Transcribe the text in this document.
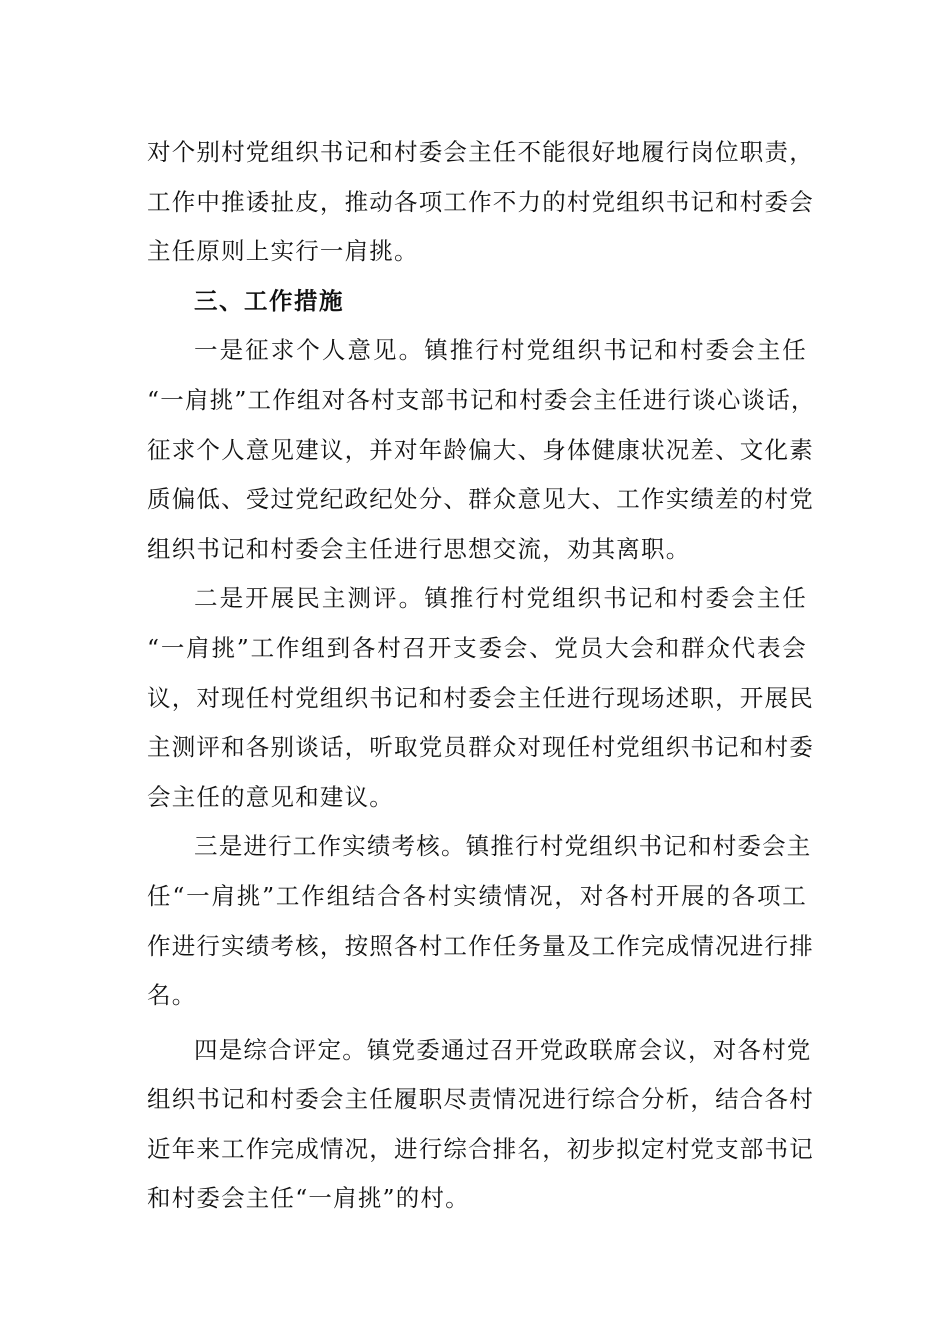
对个别村党组织书记和村委会主任不能很好地履行岗位职责，
工作中推诿扯皮，推动各项工作不力的村党组织书记和村委会
主任原则上实行一肩挑。
三、工作措施
一是征求个人意见。镇推行村党组织书记和村委会主任
“一肩挑”工作组对各村支部书记和村委会主任进行谈心谈话，
征求个人意见建议，并对年龄偏大、身体健康状况差、文化素
质偏低、受过党纪政纪处分、群众意见大、工作实绩差的村党
组织书记和村委会主任进行思想交流，劝其离职。
二是开展民主测评。镇推行村党组织书记和村委会主任
“一肩挑”工作组到各村召开支委会、党员大会和群众代表会
议，对现任村党组织书记和村委会主任进行现场述职，开展民
主测评和各别谈话，听取党员群众对现任村党组织书记和村委
会主任的意见和建议。
三是进行工作实绩考核。镇推行村党组织书记和村委会主
任“一肩挑”工作组结合各村实绩情况，对各村开展的各项工
作进行实绩考核，按照各村工作任务量及工作完成情况进行排
名。
四是综合评定。镇党委通过召开党政联席会议，对各村党
组织书记和村委会主任履职尽责情况进行综合分析，结合各村
近年来工作完成情况，进行综合排名，初步拟定村党支部书记
和村委会主任“一肩挑”的村。
